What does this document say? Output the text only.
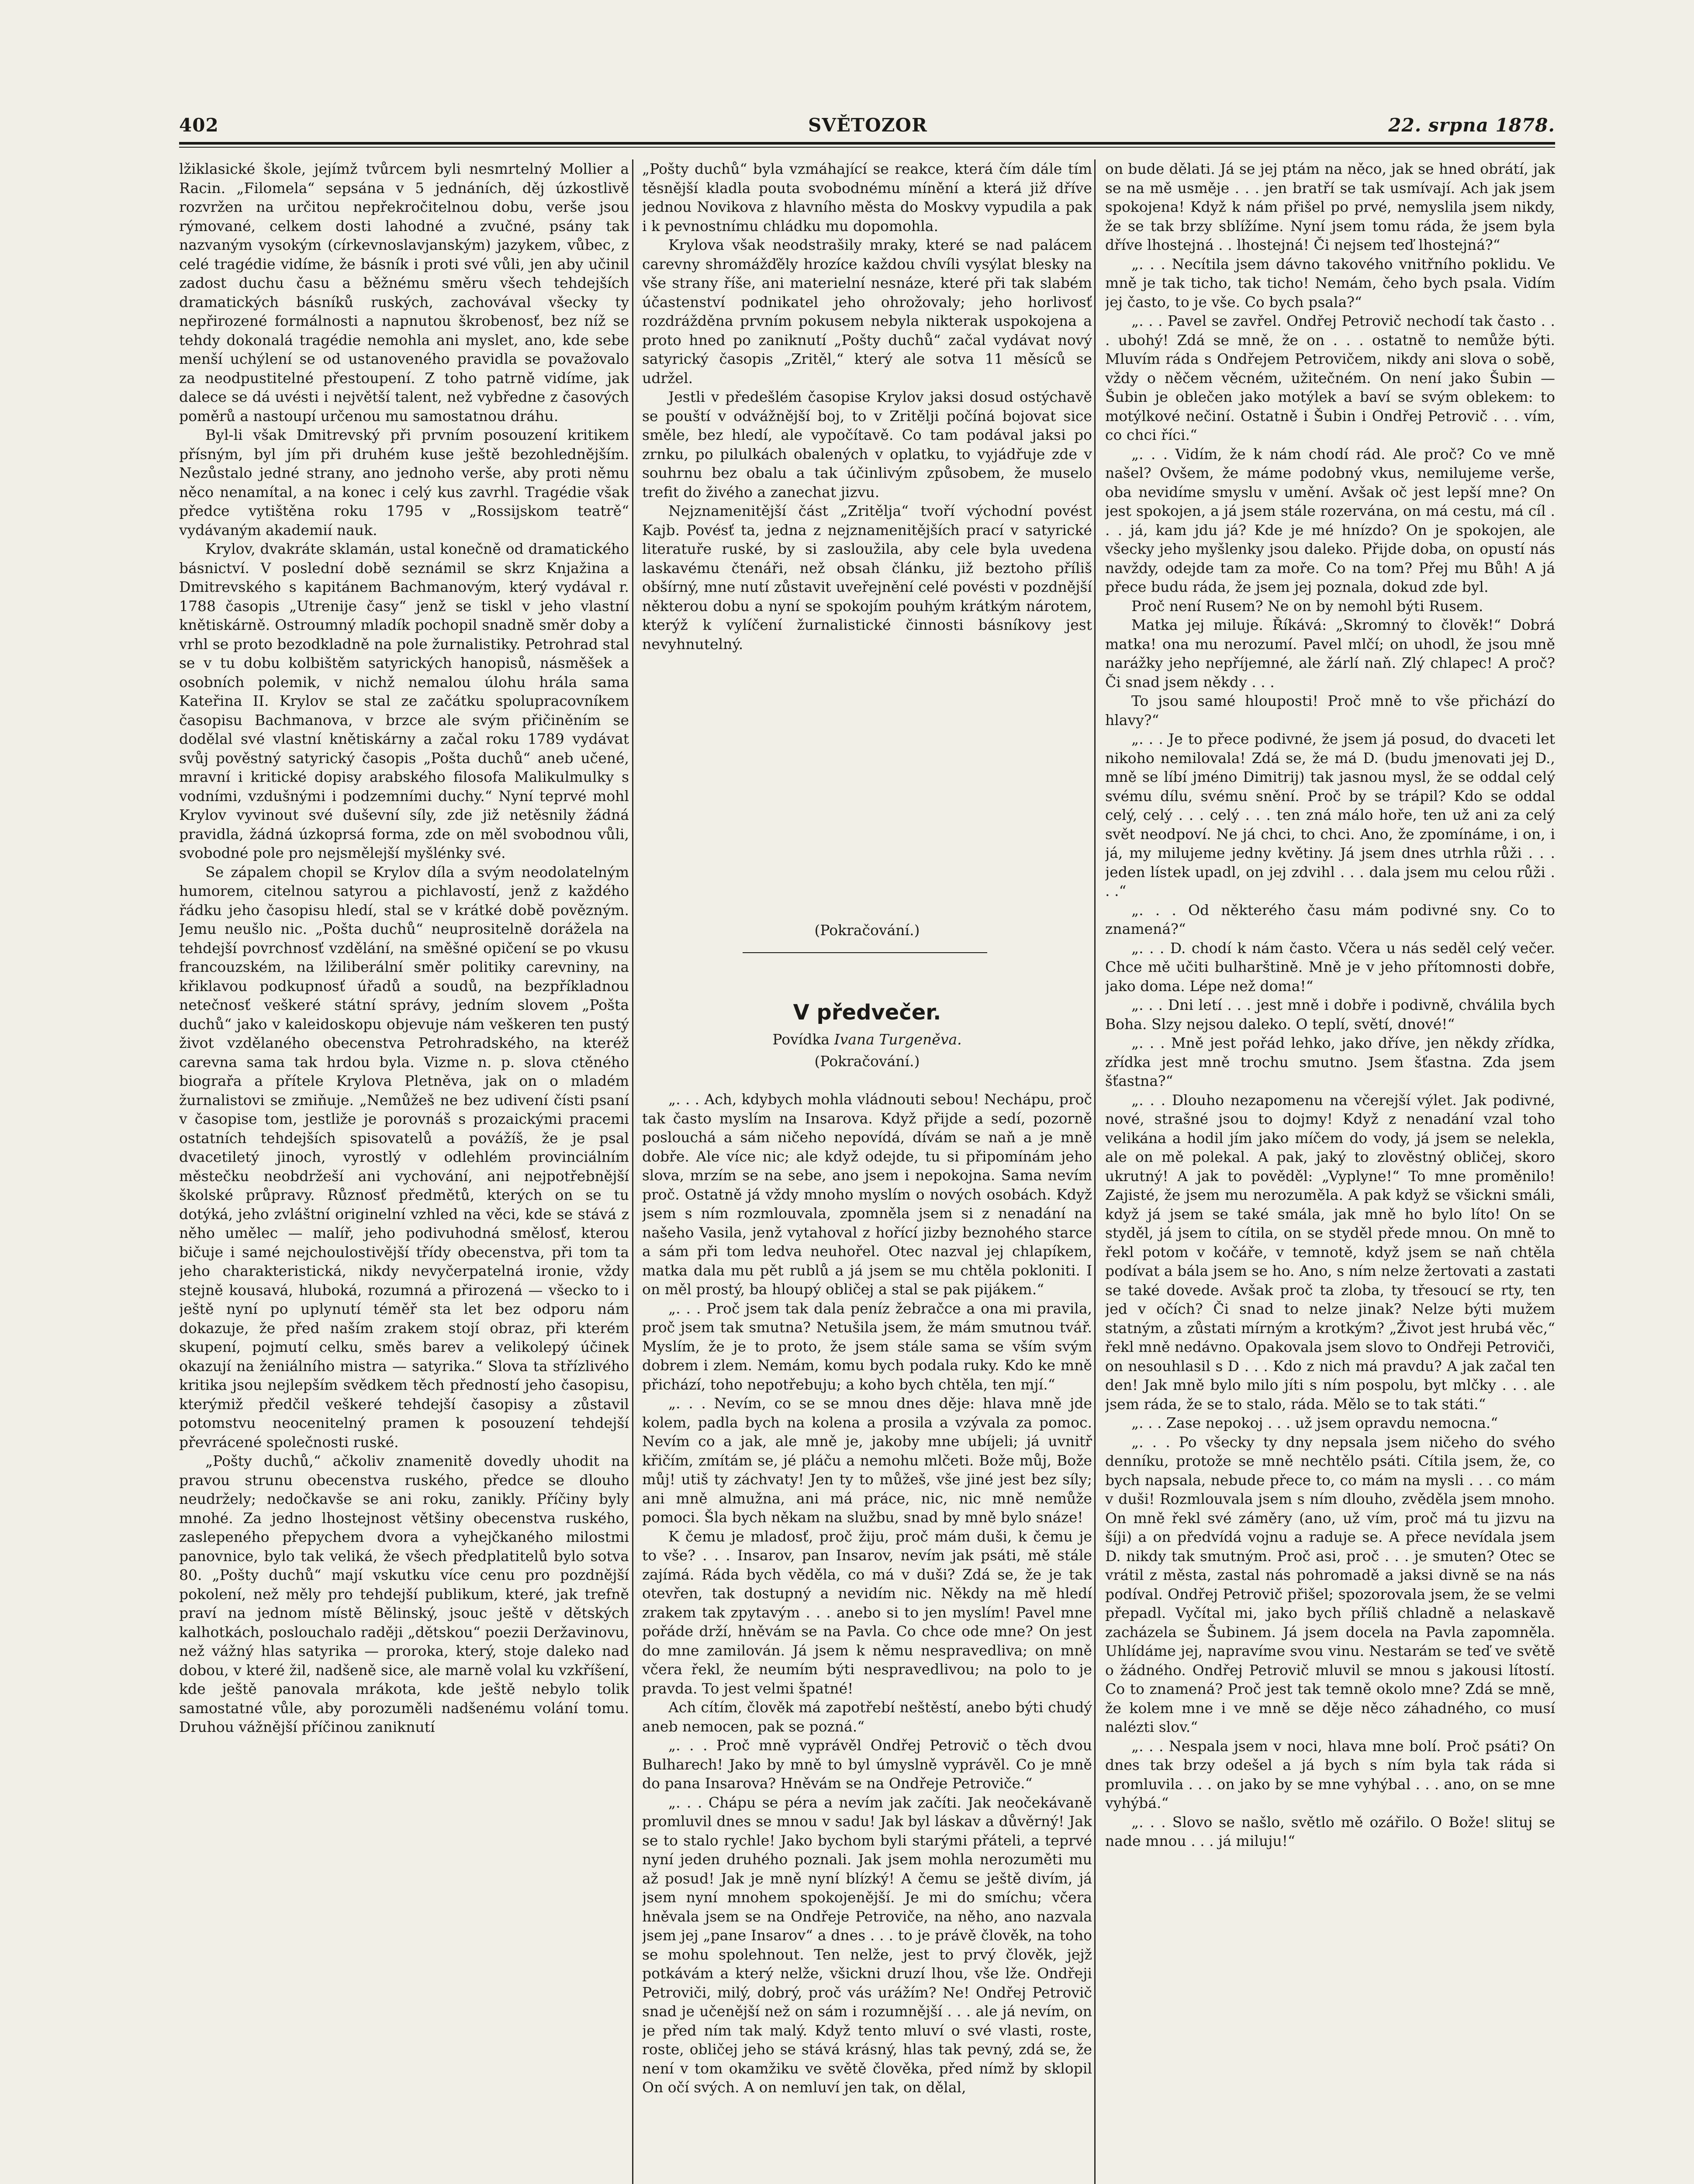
402	SVĚTOZOR	22. srpna 1878.

lžiklasické škole, jejímž tvůrcem byli nesmrtelný Mollier a Racin. „Filomela“ sepsána v 5 jednáních, děj úzkostlivě rozvržen na určitou nepřekročitelnou dobu, verše jsou rýmované, celkem dosti lahodné a zvučné, psány tak nazvaným vysokým (církevnoslavjanským) jazykem, vůbec, z celé tragédie vidíme, že básník i proti své vůli, jen aby učinil zadost duchu času a běžnému směru všech tehdejších dramatických básníků ruských, zachovával všecky ty nepřirozené formálnosti a napnutou škrobenosť, bez níž se tehdy dokonalá tragédie nemohla ani myslet, ano, kde sebe menší uchýlení se od ustanoveného pravidla se považovalo za neodpustitelné přestoupení. Z toho patrně vidíme, jak dalece se dá uvésti i největší talent, než vybředne z časových poměrů a nastoupí určenou mu samostatnou dráhu.

Byl-li však Dmitrevský při prvním posouzení kritikem přísným, byl jím při druhém kuse ještě bezohlednějším. Nezůstalo jedné strany, ano jednoho verše, aby proti němu něco nenamítal, a na konec i celý kus zavrhl. Tragédie však předce vytištěna roku 1795 v „Rossijskom teatrě“ vydávaným akademií nauk.

Krylov, dvakráte sklamán, ustal konečně od dramatického básnictví. V poslední době seznámil se skrz Knjažina a Dmitrevského s kapitánem Bachmanovým, který vydával r. 1788 časopis „Utrenije časy“ jenž se tiskl v jeho vlastní knětiskárně. Ostroumný mladík pochopil snadně směr doby a vrhl se proto bezodkladně na pole žurnalistiky. Petrohrad stal se v tu dobu kolbištěm satyrických hanopisů, násměšek a osobních polemik, v nichž nemalou úlohu hrála sama Kateřina II. Krylov se stal ze začátku spolupracovníkem časopisu Bachmanova, v brzce ale svým přičiněním se dodělal své vlastní knětiskárny a začal roku 1789 vydávat svůj pověstný satyrický časopis „Pošta duchů“ aneb učené, mravní i kritické dopisy arabského filosofa Malikulmulky s vodními, vzdušnými i podzemními duchy.“ Nyní teprvé mohl Krylov vyvinout své duševní síly, zde již netěsnily žádná pravidla, žádná úzkoprsá forma, zde on měl svobodnou vůli, svobodné pole pro nejsmělejší myšlénky své.

Se zápalem chopil se Krylov díla a svým neodolatelným humorem, citelnou satyrou a pichlavostí, jenž z každého řádku jeho časopisu hledí, stal se v krátké době povězným. Jemu neušlo nic. „Pošta duchů“ neuprositelně dorážela na tehdejší povrchnosť vzdělání, na směšné opičení se po vkusu francouzském, na lžiliberální směr politiky carevniny, na křiklavou podkupnosť úřadů a soudů, na bezpříkladnou netečnosť veškeré státní správy, jedním slovem „Pošta duchů“ jako v kaleidoskopu objevuje nám veškeren ten pustý život vzdělaného obecenstva Petrohradského, na kteréž carevna sama tak hrdou byla. Vizme n. p. slova ctěného biograřa a přítele Krylova Pletněva, jak on o mladém žurnalistovi se zmiňuje. „Nemůžeš ne bez udivení čísti psaní v časopise tom, jestliže je porovnáš s prozaickými pracemi ostatních tehdejších spisovatelů a povážíš, že je psal dvacetiletý jinoch, vyrostlý v odlehlém provinciálním městečku neobdržeší ani vychování, ani nejpotřebnější školské průpravy. Různosť předmětů, kterých on se tu dotýká, jeho zvláštní originelní vzhled na věci, kde se stává z něho umělec — malíř, jeho podivuhodná smělosť, kterou bičuje i samé nejchoulostivější třídy obecenstva, při tom ta jeho charakteristická, nikdy nevyčerpatelná ironie, vždy stejně kousavá, hluboká, rozumná a přirozená — všecko to i ještě nyní po uplynutí téměř sta let bez odporu nám dokazuje, že před naším zrakem stojí obraz, při kterém skupení, pojmutí celku, směs barev a velikolepý účinek okazují na ženiálního mistra — satyrika.“ Slova ta střízlivého kritika jsou nejlepším svědkem těch předností jeho časopisu, kterýmiž předčil veškeré tehdejší časopisy a zůstavil potomstvu neocenitelný pramen k posouzení tehdejší převrácené společnosti ruské.

„Pošty duchů,“ ačkoliv znamenitě dovedly uhodit na pravou strunu obecenstva ruského, předce se dlouho neudržely; nedočkavše se ani roku, zanikly. Příčiny byly mnohé. Za jedno lhostejnost většiny obecenstva ruského, zaslepeného přepychem dvora a vyhejčkaného milostmi panovnice, bylo tak veliká, že všech předplatitelů bylo sotva 80. „Pošty duchů“ mají vskutku více cenu pro pozdnější pokolení, než měly pro tehdejší publikum, které, jak trefně praví na jednom místě Bělinský, jsouc ještě v dětských kalhotkách, poslouchalo raději „dětskou“ poezii Deržavinovu, než vážný hlas satyrika — proroka, který, stoje daleko nad dobou, v které žil, nadšeně sice, ale marně volal ku vzkříšení, kde ještě panovala mrákota, kde ještě nebylo tolik samostatné vůle, aby porozuměli nadšenému volání tomu. Druhou vážnější příčinou zaniknutí

„Pošty duchů“ byla vzmáhající se reakce, která čím dále tím těsnější kladla pouta svobodnému mínění a která již dříve jednou Novikova z hlavního města do Moskvy vypudila a pak i k pevnostnímu chládku mu dopomohla.

Krylova však neodstrašily mraky, které se nad palácem carevny shromážďěly hrozíce každou chvíli vysýlat blesky na vše strany říše, ani materielní nesnáze, které při tak slabém účastenství podnikatel jeho ohrožovaly; jeho horlivosť rozdrážděna prvním pokusem nebyla nikterak uspokojena a proto hned po zaniknutí „Pošty duchů“ začal vydávat nový satyrický časopis „Zritěl,“ který ale sotva 11 měsíců se udržel.

Jestli v předešlém časopise Krylov jaksi dosud ostýchavě se pouští v odvážnější boj, to v Zritělji počíná bojovat sice směle, bez hledí, ale vypočítavě. Co tam podával jaksi po zrnku, po pilulkách obalených v oplatku, to vyjádřuje zde v souhrnu bez obalu a tak účinlivým způsobem, že muselo trefit do živého a zanechat jizvu.

Nejznamenitější část „Zritělja“ tvoří východní povést Kajb. Povésť ta, jedna z nejznamenitějších prací v satyrické literatuře ruské, by si zasloužila, aby cele byla uvedena laskavému čtenáři, než obsah článku, již beztoho příliš obšírný, mne nutí zůstavit uveřejnění celé povésti v pozdnější některou dobu a nyní se spokojím pouhým krátkým nárotem, kterýž k vylíčení žurnalistické činnosti básníkovy jest nevyhnutelný.

(Pokračování.)
V předvečer.
Povídka Ivana Turgeněva.
(Pokračování.)

„. . . Ach, kdybych mohla vládnouti sebou! Nechápu, proč tak často myslím na Insarova. Když přijde a sedí, pozorně poslouchá a sám ničeho nepovídá, dívám se naň a je mně dobře. Ale více nic; ale když odejde, tu si připomínám jeho slova, mrzím se na sebe, ano jsem i nepokojna. Sama nevím proč. Ostatně já vždy mnoho myslím o nových osobách. Když jsem s ním rozmlouvala, zpomněla jsem si z nenadání na našeho Vasila, jenž vytahoval z hořící jizby beznohého starce a sám při tom ledva neuhořel. Otec nazval jej chlapíkem, matka dala mu pět rublů a já jsem se mu chtěla pokloniti. I on měl prostý, ba hloupý obličej a stal se pak pijákem.“

„. . . Proč jsem tak dala peníz žebračce a ona mi pravila, proč jsem tak smutna? Netušila jsem, že mám smutnou tvář. Myslím, že je to proto, že jsem stále sama se vším svým dobrem i zlem. Nemám, komu bych podala ruky. Kdo ke mně přichází, toho nepotřebuju; a koho bych chtěla, ten mjí.“

„. . . Nevím, co se se mnou dnes děje: hlava mně jde kolem, padla bych na kolena a prosila a vzývala za pomoc. Nevím co a jak, ale mně je, jakoby mne ubíjeli; já uvnitř křičím, zmítám se, jé pláču a nemohu mlčeti. Bože můj, Bože můj! utiš ty záchvaty! Jen ty to můžeš, vše jiné jest bez síly; ani mně almužna, ani má práce, nic, nic mně nemůže pomoci. Šla bych někam na službu, snad by mně bylo snáze!

K čemu je mladosť, proč žiju, proč mám duši, k čemu je to vše? . . . Insarov, pan Insarov, nevím jak psáti, mě stále zajímá. Ráda bych věděla, co má v duši? Zdá se, že je tak otevřen, tak dostupný a nevidím nic. Někdy na mě hledí zrakem tak zpytavým . . . anebo si to jen myslím! Pavel mne pořáde drží, hněvám se na Pavla. Co chce ode mne? On jest do mne zamilován. Já jsem k němu nespravedliva; on mně včera řekl, že neumím býti nespravedlivou; na polo to je pravda. To jest velmi špatné!

Ach cítím, člověk má zapotřebí neštěstí, anebo býti chudý aneb nemocen, pak se pozná.“

„. . . Proč mně vyprávěl Ondřej Petrovič o těch dvou Bulharech! Jako by mně to byl úmyslně vyprávěl. Co je mně do pana Insarova? Hněvám se na Ondřeje Petroviče.“

„. . . Chápu se péra a nevím jak začíti. Jak neočekávaně promluvil dnes se mnou v sadu! Jak byl láskav a důvěrný! Jak se to stalo rychle! Jako bychom byli starými přáteli, a teprvé nyní jeden druhého poznali. Jak jsem mohla nerozuměti mu až posud! Jak je mně nyní blízký! A čemu se ještě divím, já jsem nyní mnohem spokojenější. Je mi do smíchu; včera hněvala jsem se na Ondřeje Petroviče, na něho, ano nazvala jsem jej „pane Insarov“ a dnes . . . to je právě člověk, na toho se mohu spolehnout. Ten nelže, jest to prvý člověk, jejž potkávám a který nelže, všickni druzí lhou, vše lže. Ondřeji Petroviči, milý, dobrý, proč vás urážím? Ne! Ondřej Petrovič snad je učenější než on sám i rozumnější . . . ale já nevím, on je před ním tak malý. Když tento mluví o své vlasti, roste, roste, obličej jeho se stává krásný, hlas tak pevný, zdá se, že není v tom okamžiku ve světě člověka, před nímž by sklopil On očí svých. A on nemluví jen tak, on dělal,

on bude dělati. Já se jej ptám na něco, jak se hned obrátí, jak se na mě usměje . . . jen bratří se tak usmívají. Ach jak jsem spokojena! Když k nám přišel po prvé, nemyslila jsem nikdy, že se tak brzy sblížíme. Nyní jsem tomu ráda, že jsem byla dříve lhostejná . . lhostejná! Či nejsem teď lhostejná?“

„. . . Necítila jsem dávno takového vnitřního poklidu. Ve mně je tak ticho, tak ticho! Nemám, čeho bych psala. Vidím jej často, to je vše. Co bych psala?“

„. . . Pavel se zavřel. Ondřej Petrovič nechodí tak často . . . ubohý! Zdá se mně, že on . . . ostatně to nemůže býti. Mluvím ráda s Ondřejem Petrovičem, nikdy ani slova o sobě, vždy o něčem věcném, užitečném. On není jako Šubin — Šubin je oblečen jako motýlek a baví se svým oblekem: to motýlkové nečiní. Ostatně i Šubin i Ondřej Petrovič . . . vím, co chci říci.“

„. . . Vidím, že k nám chodí rád. Ale proč? Co ve mně našel? Ovšem, že máme podobný vkus, nemilujeme verše, oba nevidíme smyslu v umění. Avšak oč jest lepší mne? On jest spokojen, a já jsem stále rozervána, on má cestu, má cíl . . . já, kam jdu já? Kde je mé hnízdo? On je spokojen, ale všecky jeho myšlenky jsou daleko. Přijde doba, on opustí nás navždy, odejde tam za moře. Co na tom? Přej mu Bůh! A já přece budu ráda, že jsem jej poznala, dokud zde byl.

Proč není Rusem? Ne on by nemohl býti Rusem.

Matka jej miluje. Říkává: „Skromný to člověk!“ Dobrá matka! ona mu nerozumí. Pavel mlčí; on uhodl, že jsou mně narážky jeho nepříjemné, ale žárlí naň. Zlý chlapec! A proč? Či snad jsem někdy . . .

To jsou samé hlouposti! Proč mně to vše přichází do hlavy?“

„. . . Je to přece podivné, že jsem já posud, do dvaceti let nikoho nemilovala! Zdá se, že má D. (budu jmenovati jej D., mně se líbí jméno Dimitrij) tak jasnou mysl, že se oddal celý svému dílu, svému snění. Proč by se trápil? Kdo se oddal celý, celý . . . celý . . . ten zná málo hoře, ten už ani za celý svět neodpoví. Ne já chci, to chci. Ano, že zpomínáme, i on, i já, my milujeme jedny květiny. Já jsem dnes utrhla růži . . . jeden lístek upadl, on jej zdvihl . . . dala jsem mu celou růži . . .“

„. . . Od některého času mám podivné sny. Co to znamená?“

„. . . D. chodí k nám často. Včera u nás seděl celý večer. Chce mě učiti bulharštině. Mně je v jeho přítomnosti dobře, jako doma. Lépe než doma!“

„. . . Dni letí . . . jest mně i dobře i podivně, chválila bych Boha. Slzy nejsou daleko. O teplí, světí, dnové!“

„. . . Mně jest pořád lehko, jako dříve, jen někdy zřídka, zřídka jest mně trochu smutno. Jsem šťastna. Zda jsem šťastna?“

„. . . Dlouho nezapomenu na včerejší výlet. Jak podivné, nové, strašné jsou to dojmy! Když z nenadání vzal toho velikána a hodil jím jako míčem do vody, já jsem se nelekla, ale on mě polekal. A pak, jaký to zlověstný obličej, skoro ukrutný! A jak to pověděl: „Vyplyne!“ To mne proměnilo! Zajisté, že jsem mu nerozuměla. A pak když se všickni smáli, když já jsem se také smála, jak mně ho bylo líto! On se styděl, já jsem to cítila, on se styděl přede mnou. On mně to řekl potom v kočáře, v temnotě, když jsem se naň chtěla podívat a bála jsem se ho. Ano, s ním nelze žertovati a zastati se také dovede. Avšak proč ta zloba, ty třesoucí se rty, ten jed v očích? Či snad to nelze jinak? Nelze býti mužem statným, a zůstati mírným a krotkým? „Život jest hrubá věc,“ řekl mně nedávno. Opakovala jsem slovo to Ondřeji Petroviči, on nesouhlasil s D . . . Kdo z nich má pravdu? A jak začal ten den! Jak mně bylo milo jíti s ním pospolu, byt mlčky . . . ale jsem ráda, že se to stalo, ráda. Mělo se to tak státi.“

„. . . Zase nepokoj . . . už jsem opravdu nemocna.“

„. . . Po všecky ty dny nepsala jsem ničeho do svého denníku, protože se mně nechtělo psáti. Cítila jsem, že, co bych napsala, nebude přece to, co mám na mysli . . . co mám v duši! Rozmlouvala jsem s ním dlouho, zvěděla jsem mnoho. On mně řekl své záměry (ano, už vím, proč má tu jizvu na šíji) a on předvídá vojnu a raduje se. A přece nevídala jsem D. nikdy tak smutným. Proč asi, proč . . . je smuten? Otec se vrátil z města, zastal nás pohromadě a jaksi divně se na nás podíval. Ondřej Petrovič přišel; spozorovala jsem, že se velmi přepadl. Vyčítal mi, jako bych příliš chladně a nelaskavě zacházela se Šubinem. Já jsem docela na Pavla zapomněla. Uhlídáme jej, napravíme svou vinu. Nestarám se teď ve světě o žádného. Ondřej Petrovič mluvil se mnou s jakousi lítostí. Co to znamená? Proč jest tak temně okolo mne? Zdá se mně, že kolem mne i ve mně se děje něco záhadného, co musí nalézti slov.“

„. . . Nespala jsem v noci, hlava mne bolí. Proč psáti? On dnes tak brzy odešel a já bych s ním byla tak ráda si promluvila . . . on jako by se mne vyhýbal . . . ano, on se mne vyhýbá.“

„. . . Slovo se našlo, světlo mě ozářilo. O Bože! slituj se nade mnou . . . já miluju!“
